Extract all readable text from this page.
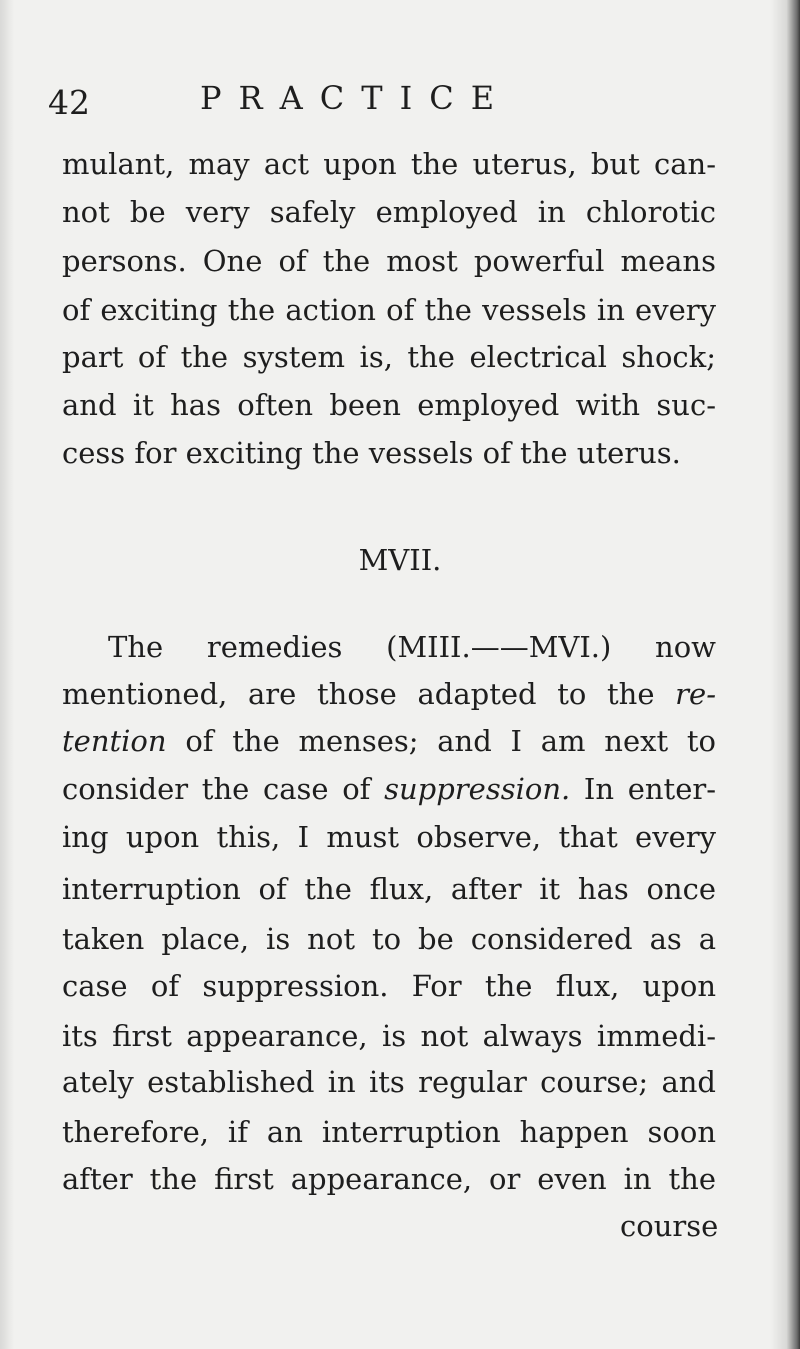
42	PRACTICE

mulant, may act upon the uterus, but can-

not be very safely employed in chlorotic

persons. One of the most powerful means

of exciting the action of the vessels in every

part of the system is, the electrical shock;

and it has often been employed with suc-

cess for exciting the vessels of the uterus.

MVII.

The remedies (MIII.——MVI.) now

mentioned, are those adapted to the re-

tention of the menses; and I am next to

consider the case of suppression. In enter-

ing upon this, I must observe, that every

interruption of the flux, after it has once

taken place, is not to be considered as a

case of suppression. For the flux, upon

its first appearance, is not always immedi-

ately established in its regular course; and

therefore, if an interruption happen soon

after the first appearance, or even in the

course
